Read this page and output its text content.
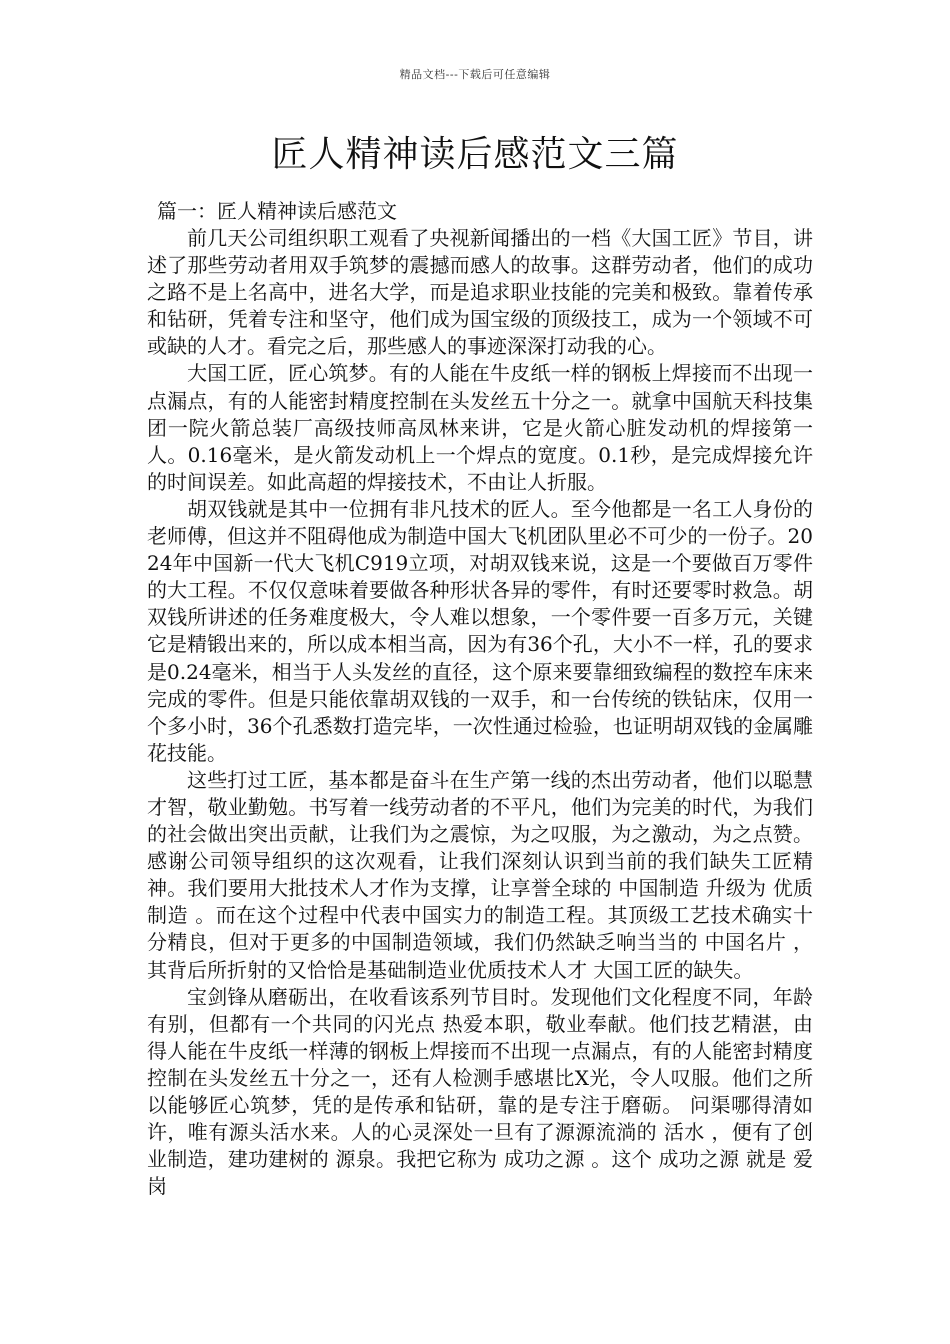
精品文档---下载后可任意编辑
匠人精神读后感范文三篇

篇一：匠人精神读后感范文

前几天公司组织职工观看了央视新闻播出的一档《大国工匠》节目，讲述了那些劳动者用双手筑梦的震撼而感人的故事。这群劳动者，他们的成功之路不是上名高中，进名大学，而是追求职业技能的完美和极致。靠着传承和钻研，凭着专注和坚守，他们成为国宝级的顶级技工，成为一个领域不可或缺的人才。看完之后，那些感人的事迹深深打动我的心。

大国工匠，匠心筑梦。有的人能在牛皮纸一样的钢板上焊接而不出现一点漏点，有的人能密封精度控制在头发丝五十分之一。就拿中国航天科技集团一院火箭总装厂高级技师高凤林来讲，它是火箭心脏发动机的焊接第一人。0.16毫米，是火箭发动机上一个焊点的宽度。0.1秒，是完成焊接允许的时间误差。如此高超的焊接技术，不由让人折服。

胡双钱就是其中一位拥有非凡技术的匠人。至今他都是一名工人身份的老师傅，但这并不阻碍他成为制造中国大飞机团队里必不可少的一份子。2024年中国新一代大飞机C919立项，对胡双钱来说，这是一个要做百万零件的大工程。不仅仅意味着要做各种形状各异的零件，有时还要零时救急。胡双钱所讲述的任务难度极大，令人难以想象，一个零件要一百多万元，关键它是精锻出来的，所以成本相当高，因为有36个孔，大小不一样，孔的要求是0.24毫米，相当于人头发丝的直径，这个原来要靠细致编程的数控车床来完成的零件。但是只能依靠胡双钱的一双手，和一台传统的铁钻床，仅用一个多小时，36个孔悉数打造完毕，一次性通过检验，也证明胡双钱的金属雕花技能。

这些打过工匠，基本都是奋斗在生产第一线的杰出劳动者，他们以聪慧才智，敬业勤勉。书写着一线劳动者的不平凡，他们为完美的时代，为我们的社会做出突出贡献，让我们为之震惊，为之叹服，为之激动，为之点赞。感谢公司领导组织的这次观看，让我们深刻认识到当前的我们缺失工匠精神。我们要用大批技术人才作为支撑，让享誉全球的 中国制造 升级为 优质制造 。而在这个过程中代表中国实力的制造工程。其顶级工艺技术确实十分精良，但对于更多的中国制造领域，我们仍然缺乏响当当的 中国名片 ，其背后所折射的又恰恰是基础制造业优质技术人才 大国工匠的缺失。

宝剑锋从磨砺出，在收看该系列节目时。发现他们文化程度不同，年龄有别，但都有一个共同的闪光点 热爱本职，敬业奉献。他们技艺精湛，由得人能在牛皮纸一样薄的钢板上焊接而不出现一点漏点，有的人能密封精度控制在头发丝五十分之一，还有人检测手感堪比X光，令人叹服。他们之所以能够匠心筑梦，凭的是传承和钻研，靠的是专注于磨砺。 问渠哪得清如许，唯有源头活水来。人的心灵深处一旦有了源源流淌的 活水 ，便有了创业制造，建功建树的 源泉。我把它称为 成功之源 。这个 成功之源 就是 爱岗
